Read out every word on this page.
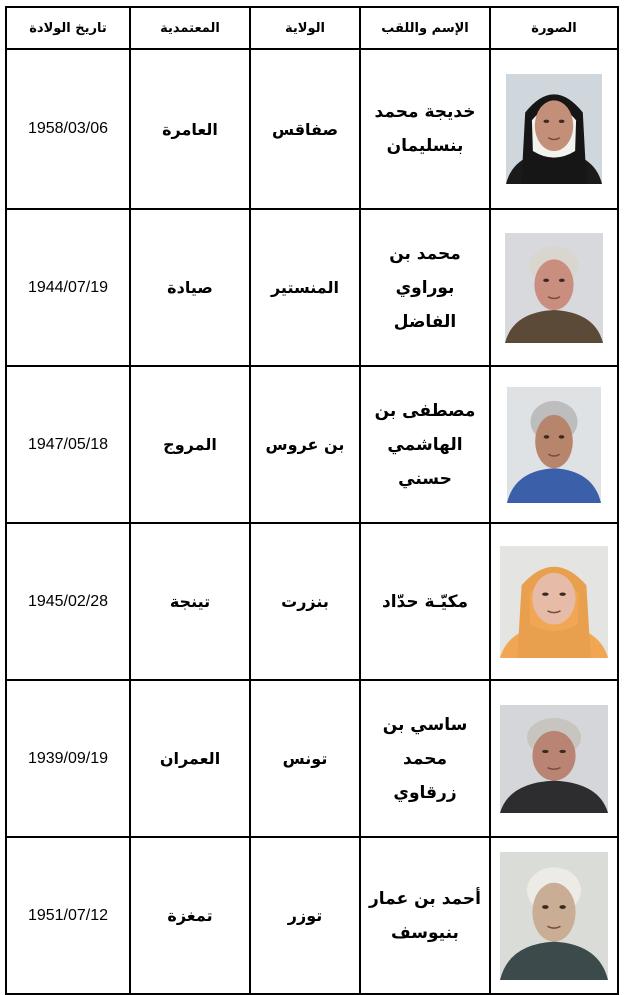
الصورة	الإسم واللقب	الولاية	المعتمدية	تاريخ الولادة

خديجة محمد
بنسليمان	صفاقس	العامرة	1958/03/06

محمد بن
بوراوي الفاضل	المنستير	صيادة	1944/07/19

مصطفى بن
الهاشمي حسني	بن عروس	المروج	1947/05/18

مكيّـة حدّاد	بنزرت	تينجة	1945/02/28

ساسي بن محمد
زرقاوي	تونس	العمران	1939/09/19

أحمد بن عمار
بنيوسف	توزر	تمغزة	1951/07/12
